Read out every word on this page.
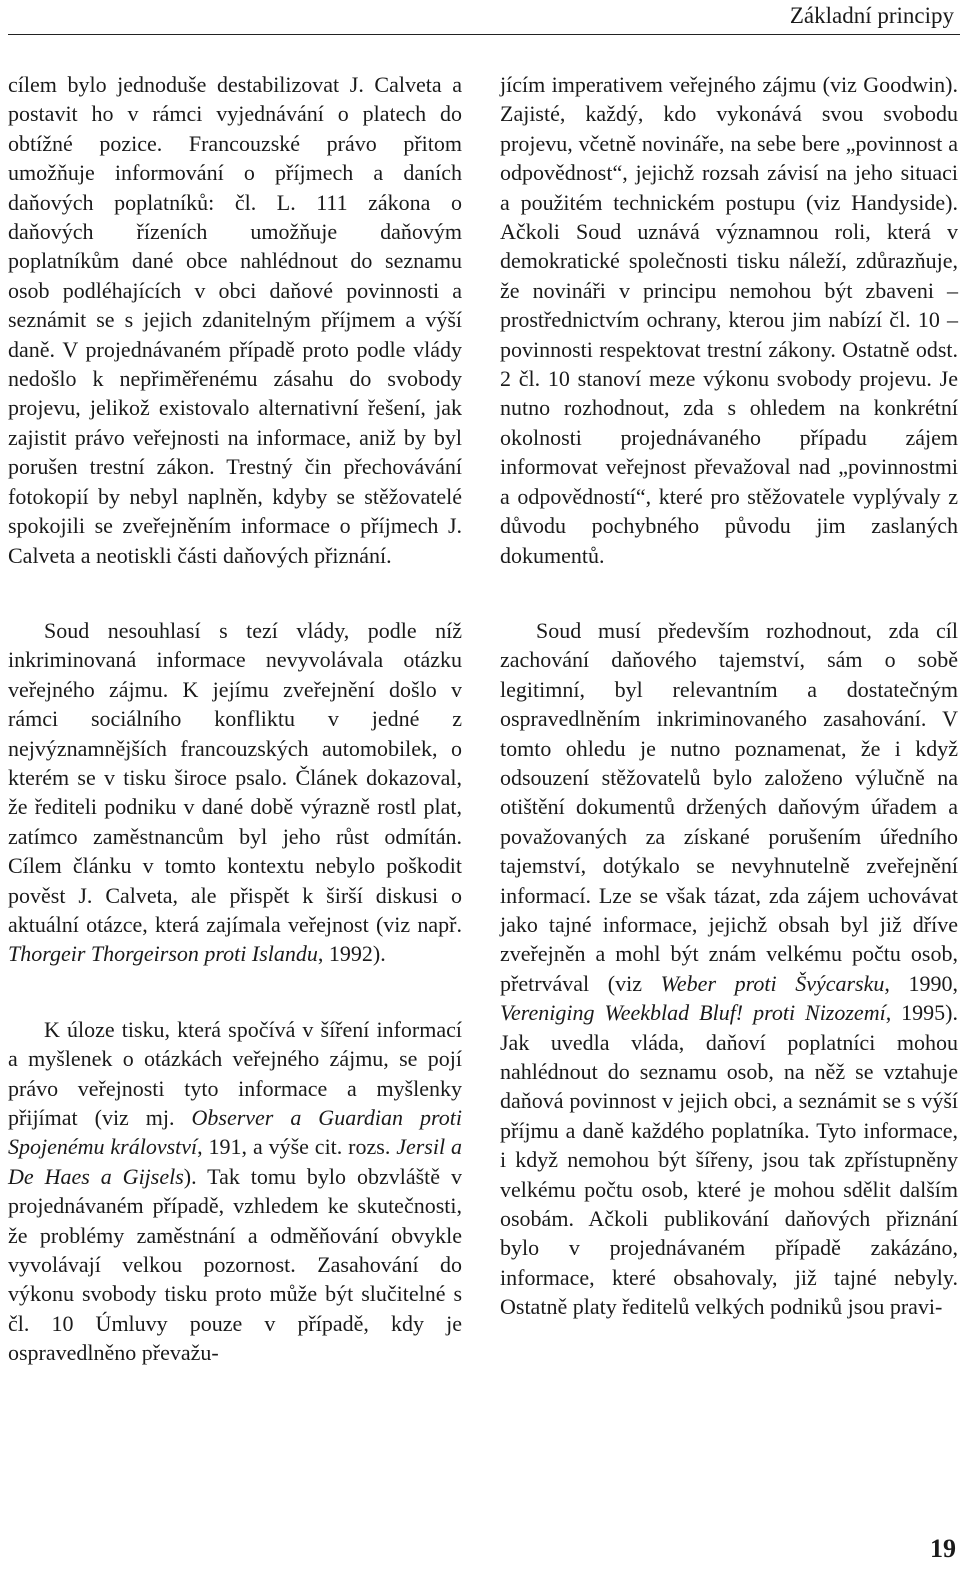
Základní principy

cílem bylo jednoduše destabilizovat J. Calveta a postavit ho v rámci vyjednávání o platech do obtížné pozice. Francouzské právo přitom umožňuje informování o příjmech a daních daňových poplatníků: čl. L. 111 zákona o daňových řízeních umožňuje daňovým poplatníkům dané obce nahlédnout do seznamu osob podléhajících v obci daňové povinnosti a seznámit se s jejich zdanitelným příjmem a výší daně. V projednávaném případě proto podle vlády nedošlo k nepřiměřenému zásahu do svobody projevu, jelikož existovalo alternativní řešení, jak zajistit právo veřejnosti na informace, aniž by byl porušen trestní zákon. Trestný čin přechovávání fotokopií by nebyl naplněn, kdyby se stěžovatelé spokojili se zveřejněním informace o příjmech J. Calveta a neotiskli části daňových přiznání.

Soud nesouhlasí s tezí vlády, podle níž inkriminovaná informace nevyvolávala otázku veřejného zájmu. K jejímu zveřejnění došlo v rámci sociálního konfliktu v jedné z nejvýznamnějších francouzských automobilek, o kterém se v tisku široce psalo. Článek dokazoval, že řediteli podniku v dané době výrazně rostl plat, zatímco zaměstnancům byl jeho růst odmítán. Cílem článku v tomto kontextu nebylo poškodit pověst J. Calveta, ale přispět k širší diskusi o aktuální otázce, která zajímala veřejnost (viz např. Thorgeir Thorgeirson proti Islandu, 1992).

K úloze tisku, která spočívá v šíření informací a myšlenek o otázkách veřejného zájmu, se pojí právo veřejnosti tyto informace a myšlenky přijímat (viz mj. Observer a Guardian proti Spojenému království, 191, a výše cit. rozs. Jersil a De Haes a Gijsels). Tak tomu bylo obzvláště v projednávaném případě, vzhledem ke skutečnosti, že problémy zaměstnání a odměňování obvykle vyvolávají velkou pozornost. Zasahování do výkonu svobody tisku proto může být slučitelné s čl. 10 Úmluvy pouze v případě, kdy je ospravedlněno převažu-

jícím imperativem veřejného zájmu (viz Goodwin). Zajisté, každý, kdo vykonává svou svobodu projevu, včetně novináře, na sebe bere „povinnost a odpovědnost“, jejichž rozsah závisí na jeho situaci a použitém technickém postupu (viz Handyside). Ačkoli Soud uznává významnou roli, která v demokratické společnosti tisku náleží, zdůrazňuje, že novináři v principu nemohou být zbaveni – prostřednictvím ochrany, kterou jim nabízí čl. 10 – povinnosti respektovat trestní zákony. Ostatně odst. 2 čl. 10 stanoví meze výkonu svobody projevu. Je nutno rozhodnout, zda s ohledem na konkrétní okolnosti projednávaného případu zájem informovat veřejnost převažoval nad „povinnostmi a odpovědností“, které pro stěžovatele vyplývaly z důvodu pochybného původu jim zaslaných dokumentů.

Soud musí především rozhodnout, zda cíl zachování daňového tajemství, sám o sobě legitimní, byl relevantním a dostatečným ospravedlněním inkriminovaného zasahování. V tomto ohledu je nutno poznamenat, že i když odsouzení stěžovatelů bylo založeno výlučně na otištění dokumentů držených daňovým úřadem a považovaných za získané porušením úředního tajemství, dotýkalo se nevyhnutelně zveřejnění informací. Lze se však tázat, zda zájem uchovávat jako tajné informace, jejichž obsah byl již dříve zveřejněn a mohl být znám velkému počtu osob, přetrvával (viz Weber proti Švýcarsku, 1990, Vereniging Weekblad Bluf! proti Nizozemí, 1995). Jak uvedla vláda, daňoví poplatníci mohou nahlédnout do seznamu osob, na něž se vztahuje daňová povinnost v jejich obci, a seznámit se s výší příjmu a daně každého poplatníka. Tyto informace, i když nemohou být šířeny, jsou tak zpřístupněny velkému počtu osob, které je mohou sdělit dalším osobám. Ačkoli publikování daňových přiznání bylo v projednávaném případě zakázáno, informace, které obsahovaly, již tajné nebyly. Ostatně platy ředitelů velkých podniků jsou pravi-

19
